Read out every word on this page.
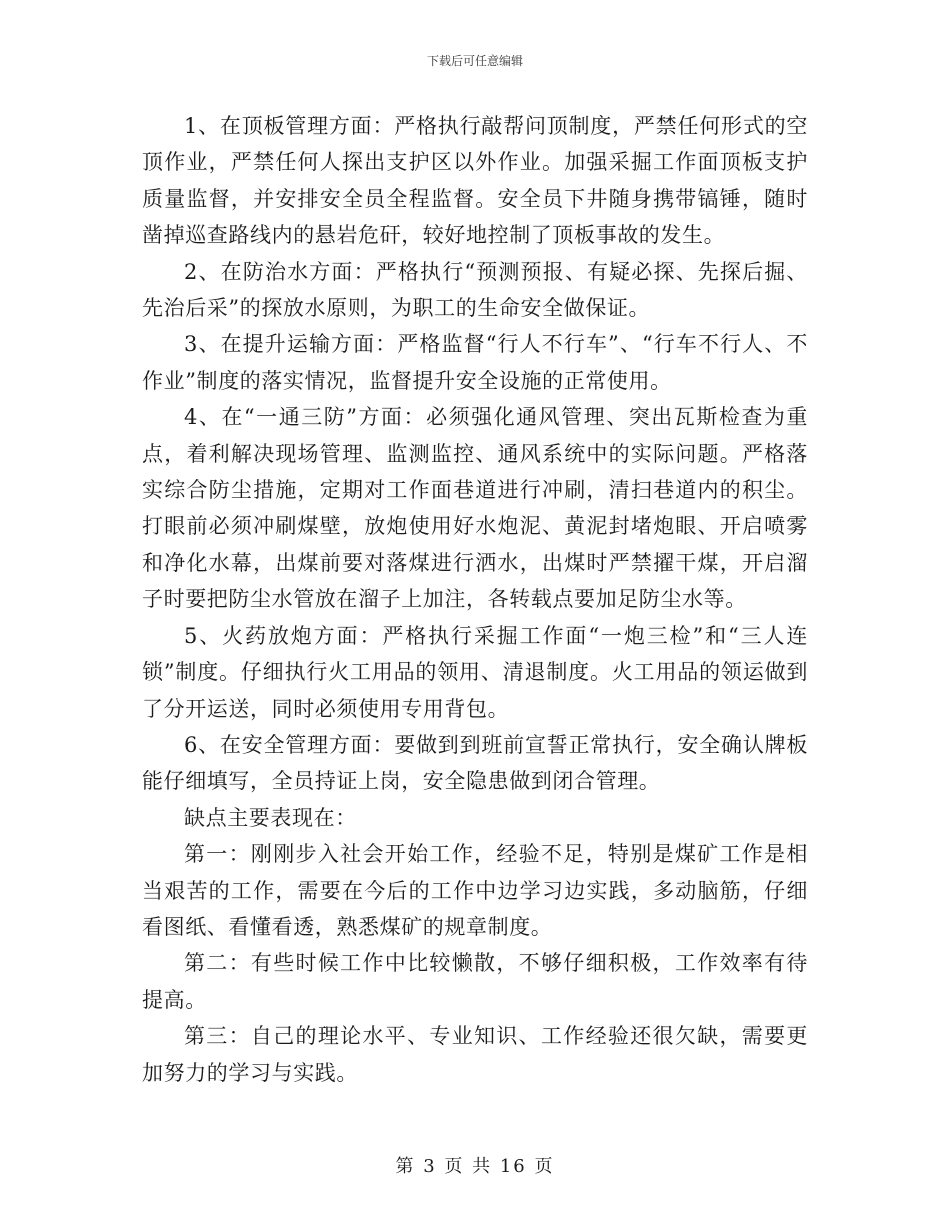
下载后可任意编辑

1、在顶板管理方面：严格执行敲帮问顶制度，严禁任何形式的空顶作业，严禁任何人探出支护区以外作业。加强采掘工作面顶板支护质量监督，并安排安全员全程监督。安全员下井随身携带镐锤，随时凿掉巡查路线内的悬岩危矸，较好地控制了顶板事故的发生。

2、在防治水方面：严格执行“预测预报、有疑必探、先探后掘、先治后采”的探放水原则，为职工的生命安全做保证。

3、在提升运输方面：严格监督“行人不行车”、“行车不行人、不作业”制度的落实情况，监督提升安全设施的正常使用。

4、在“一通三防”方面：必须强化通风管理、突出瓦斯检查为重点，着利解决现场管理、监测监控、通风系统中的实际问题。严格落实综合防尘措施，定期对工作面巷道进行冲刷，清扫巷道内的积尘。打眼前必须冲刷煤壁，放炮使用好水炮泥、黄泥封堵炮眼、开启喷雾和净化水幕，出煤前要对落煤进行洒水，出煤时严禁擢干煤，开启溜子时要把防尘水管放在溜子上加注，各转载点要加足防尘水等。

5、火药放炮方面：严格执行采掘工作面“一炮三检”和“三人连锁”制度。仔细执行火工用品的领用、清退制度。火工用品的领运做到了分开运送，同时必须使用专用背包。

6、在安全管理方面：要做到到班前宣誓正常执行，安全确认牌板能仔细填写，全员持证上岗，安全隐患做到闭合管理。

缺点主要表现在：

第一：刚刚步入社会开始工作，经验不足，特别是煤矿工作是相当艰苦的工作，需要在今后的工作中边学习边实践，多动脑筋，仔细看图纸、看懂看透，熟悉煤矿的规章制度。

第二：有些时候工作中比较懒散，不够仔细积极，工作效率有待提高。

第三：自己的理论水平、专业知识、工作经验还很欠缺，需要更加努力的学习与实践。

第 3 页 共 16 页
